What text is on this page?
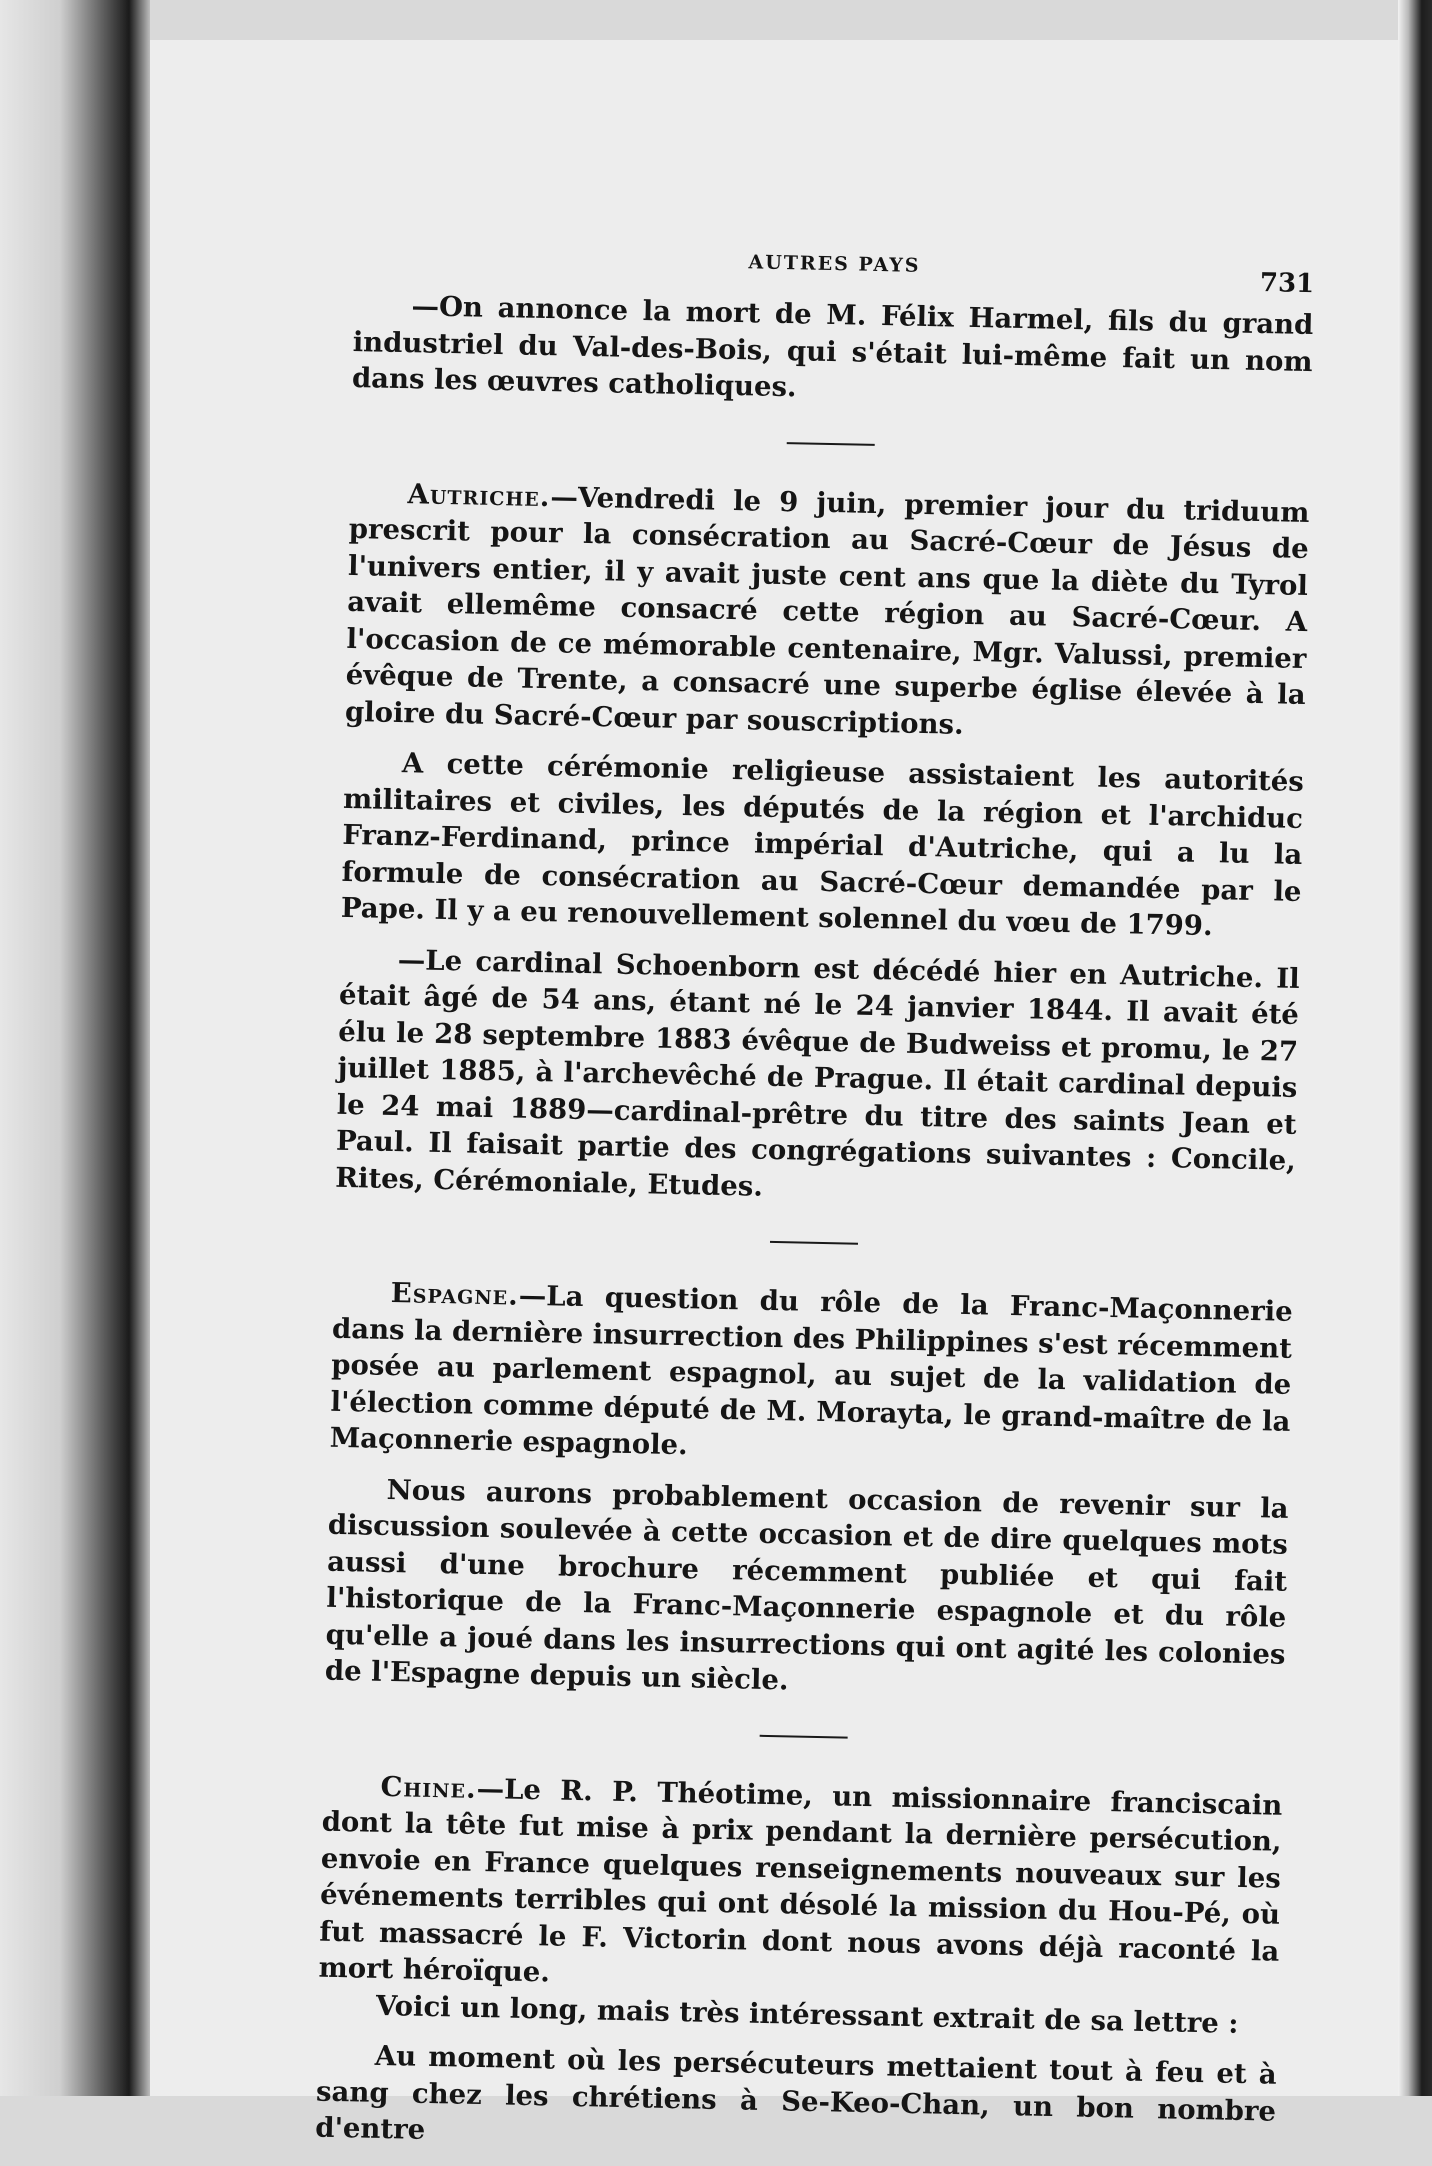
AUTRES PAYS
731

—On annonce la mort de M. Félix Harmel, fils du grand industriel du Val-des-Bois, qui s'était lui-même fait un nom dans les œuvres catholiques.

Autriche.—Vendredi le 9 juin, premier jour du triduum prescrit pour la consécration au Sacré-Cœur de Jésus de l'univers entier, il y avait juste cent ans que la diète du Tyrol avait ellemême consacré cette région au Sacré-Cœur. A l'occasion de ce mémorable centenaire, Mgr. Valussi, premier évêque de Trente, a consacré une superbe église élevée à la gloire du Sacré-Cœur par souscriptions.

A cette cérémonie religieuse assistaient les autorités militaires et civiles, les députés de la région et l'archiduc Franz-Ferdinand, prince impérial d'Autriche, qui a lu la formule de consécration au Sacré-Cœur demandée par le Pape. Il y a eu renouvellement solennel du vœu de 1799.

—Le cardinal Schoenborn est décédé hier en Autriche. Il était âgé de 54 ans, étant né le 24 janvier 1844. Il avait été élu le 28 septembre 1883 évêque de Budweiss et promu, le 27 juillet 1885, à l'archevêché de Prague. Il était cardinal depuis le 24 mai 1889—cardinal-prêtre du titre des saints Jean et Paul. Il faisait partie des congrégations suivantes : Concile, Rites, Cérémoniale, Etudes.

Espagne.—La question du rôle de la Franc-Maçonnerie dans la dernière insurrection des Philippines s'est récemment posée au parlement espagnol, au sujet de la validation de l'élection comme député de M. Morayta, le grand-maître de la Maçonnerie espagnole.

Nous aurons probablement occasion de revenir sur la discussion soulevée à cette occasion et de dire quelques mots aussi d'une brochure récemment publiée et qui fait l'historique de la Franc-Maçonnerie espagnole et du rôle qu'elle a joué dans les insurrections qui ont agité les colonies de l'Espagne depuis un siècle.

Chine.—Le R. P. Théotime, un missionnaire franciscain dont la tête fut mise à prix pendant la dernière persécution, envoie en France quelques renseignements nouveaux sur les événements terribles qui ont désolé la mission du Hou-Pé, où fut massacré le F. Victorin dont nous avons déjà raconté la mort héroïque.

Voici un long, mais très intéressant extrait de sa lettre :

Au moment où les persécuteurs mettaient tout à feu et à sang chez les chrétiens à Se-Keo-Chan, un bon nombre d'entre
